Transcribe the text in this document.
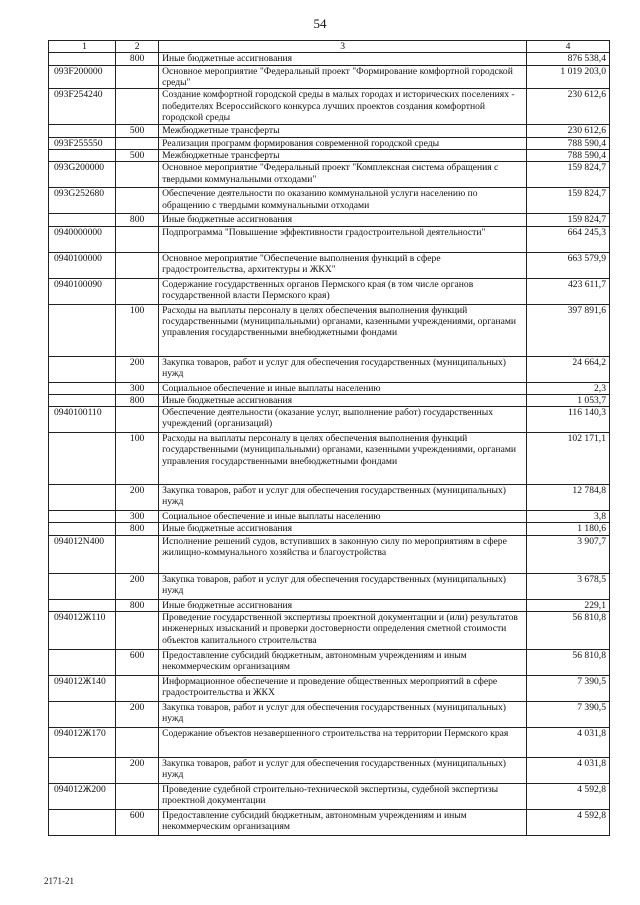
54
1	2	3	4
	800	Иные бюджетные ассигнования	876 538,4
093F200000		Основное мероприятие "Федеральный проект "Формирование комфортной городской среды"	1 019 203,0
093F254240		Создание комфортной городской среды в малых городах и исторических поселениях - победителях Всероссийского конкурса лучших проектов создания комфортной городской среды	230 612,6
	500	Межбюджетные трансферты	230 612,6
093F255550		Реализация программ формирования современной городской среды	788 590,4
	500	Межбюджетные трансферты	788 590,4
093G200000		Основное мероприятие "Федеральный проект "Комплексная система обращения с твердыми коммунальными отходами"	159 824,7
093G252680		Обеспечение деятельности по оказанию коммунальной услуги населению по обращению с твердыми коммунальными отходами	159 824,7
	800	Иные бюджетные ассигнования	159 824,7
0940000000		Подпрограмма "Повышение эффективности градостроительной деятельности"	664 245,3
0940100000		Основное мероприятие "Обеспечение выполнения функций в сфере градостроительства, архитектуры и ЖКХ"	663 579,9
0940100090		Содержание государственных органов Пермского края (в том числе органов государственной власти Пермского края)	423 611,7
	100	Расходы на выплаты персоналу в целях обеспечения выполнения функций государственными (муниципальными) органами, казенными учреждениями, органами управления государственными внебюджетными фондами	397 891,6
	200	Закупка товаров, работ и услуг для обеспечения государственных (муниципальных) нужд	24 664,2
	300	Социальное обеспечение и иные выплаты населению	2,3
	800	Иные бюджетные ассигнования	1 053,7
0940100110		Обеспечение деятельности (оказание услуг, выполнение работ) государственных учреждений (организаций)	116 140,3
	100	Расходы на выплаты персоналу в целях обеспечения выполнения функций государственными (муниципальными) органами, казенными учреждениями, органами управления государственными внебюджетными фондами	102 171,1
	200	Закупка товаров, работ и услуг для обеспечения государственных (муниципальных) нужд	12 784,8
	300	Социальное обеспечение и иные выплаты населению	3,8
	800	Иные бюджетные ассигнования	1 180,6
094012N400		Исполнение решений судов, вступивших в законную силу по мероприятиям в сфере жилищно-коммунального хозяйства и благоустройства	3 907,7
	200	Закупка товаров, работ и услуг для обеспечения государственных (муниципальных) нужд	3 678,5
	800	Иные бюджетные ассигнования	229,1
094012Ж110		Проведение государственной экспертизы проектной документации и (или) результатов инженерных изысканий и проверки достоверности определения сметной стоимости объектов капитального строительства	56 810,8
	600	Предоставление субсидий бюджетным, автономным учреждениям и иным некоммерческим организациям	56 810,8
094012Ж140		Информационное обеспечение и проведение общественных мероприятий в сфере градостроительства и ЖКХ	7 390,5
	200	Закупка товаров, работ и услуг для обеспечения государственных (муниципальных) нужд	7 390,5
094012Ж170		Содержание объектов незавершенного строительства на территории Пермского края	4 031,8
	200	Закупка товаров, работ и услуг для обеспечения государственных (муниципальных) нужд	4 031,8
094012Ж200		Проведение судебной строительно-технической экспертизы, судебной экспертизы проектной документации	4 592,8
	600	Предоставление субсидий бюджетным, автономным учреждениям и иным некоммерческим организациям	4 592,8
2171-21
